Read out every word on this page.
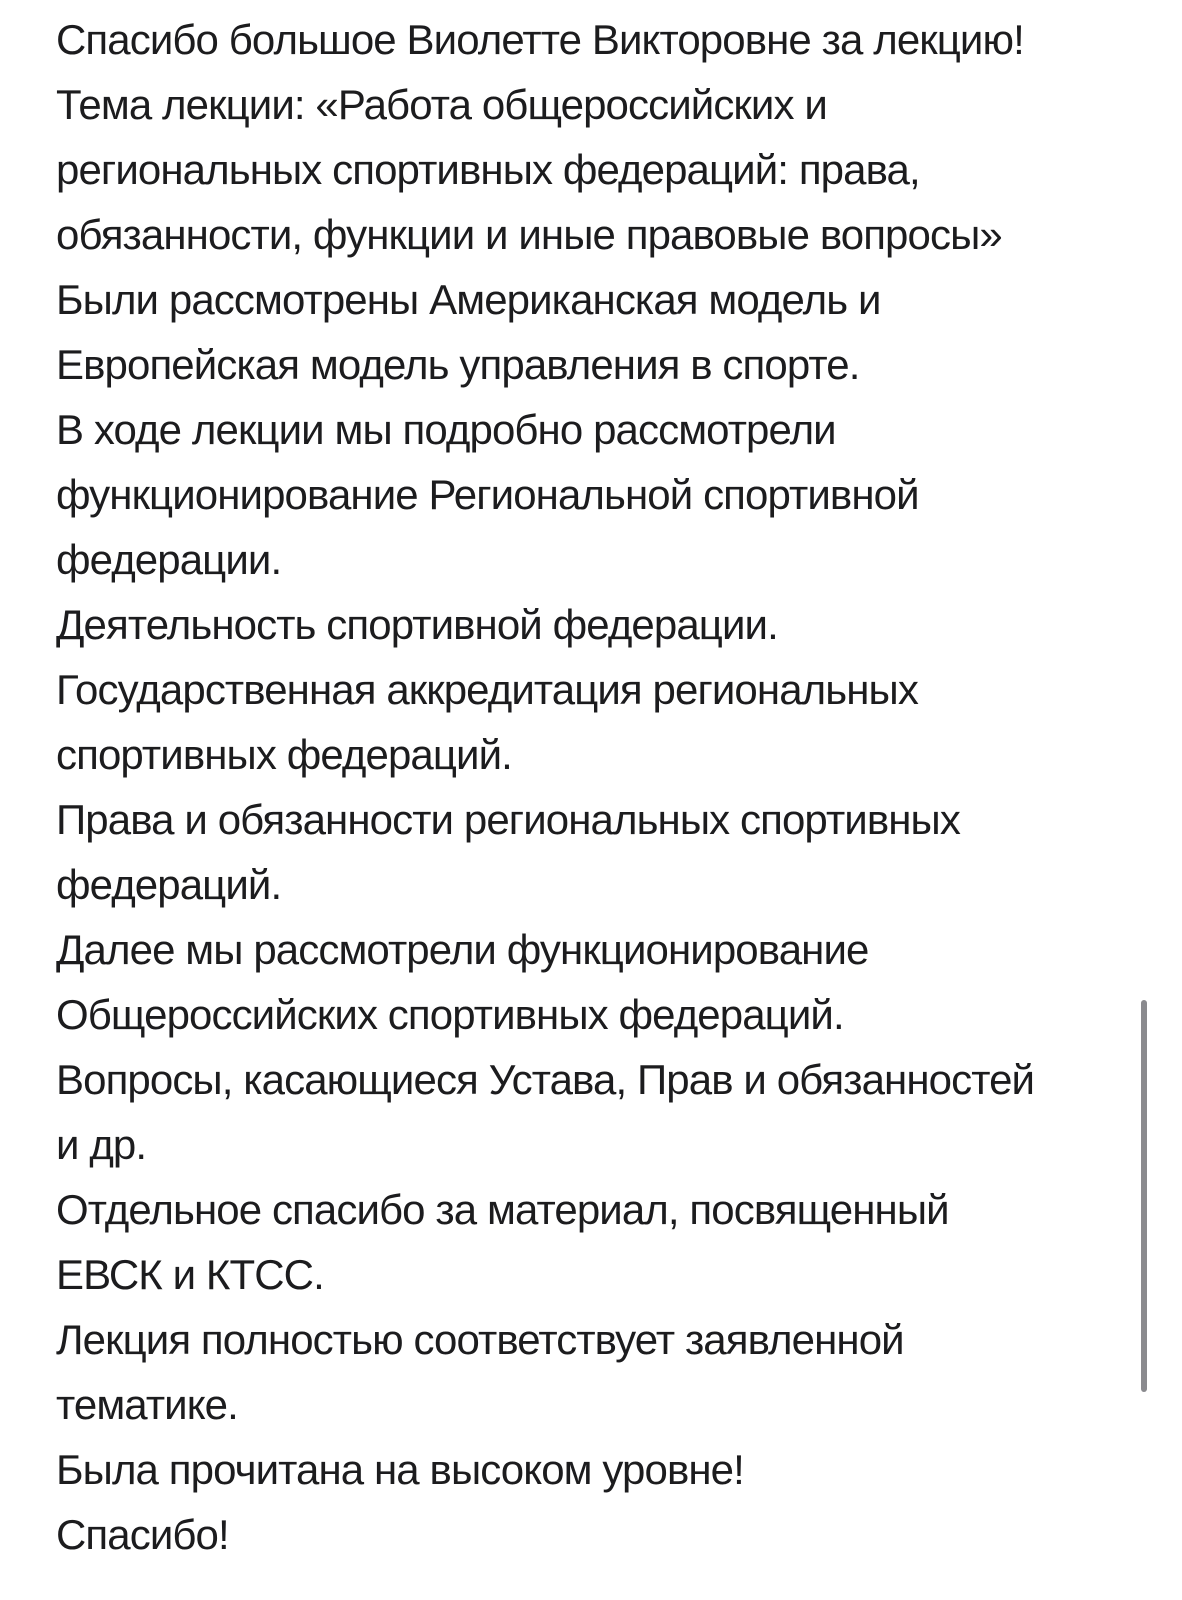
Спасибо большое Виолетте Викторовне за лекцию!
Тема лекции: «Работа общероссийских и
региональных спортивных федераций: права,
обязанности, функции и иные правовые вопросы»
Были рассмотрены Американская модель и
Европейская модель управления в спорте.
В ходе лекции мы подробно рассмотрели
функционирование Региональной спортивной
федерации.
Деятельность спортивной федерации.
Государственная аккредитация региональных
спортивных федераций.
Права и обязанности региональных спортивных
федераций.
Далее мы рассмотрели функционирование
Общероссийских спортивных федераций.
Вопросы, касающиеся Устава, Прав и обязанностей
и др.
Отдельное спасибо за материал, посвященный
ЕВСК и КТСС.
Лекция полностью соответствует заявленной
тематике.
Была прочитана на высоком уровне!
Спасибо!
